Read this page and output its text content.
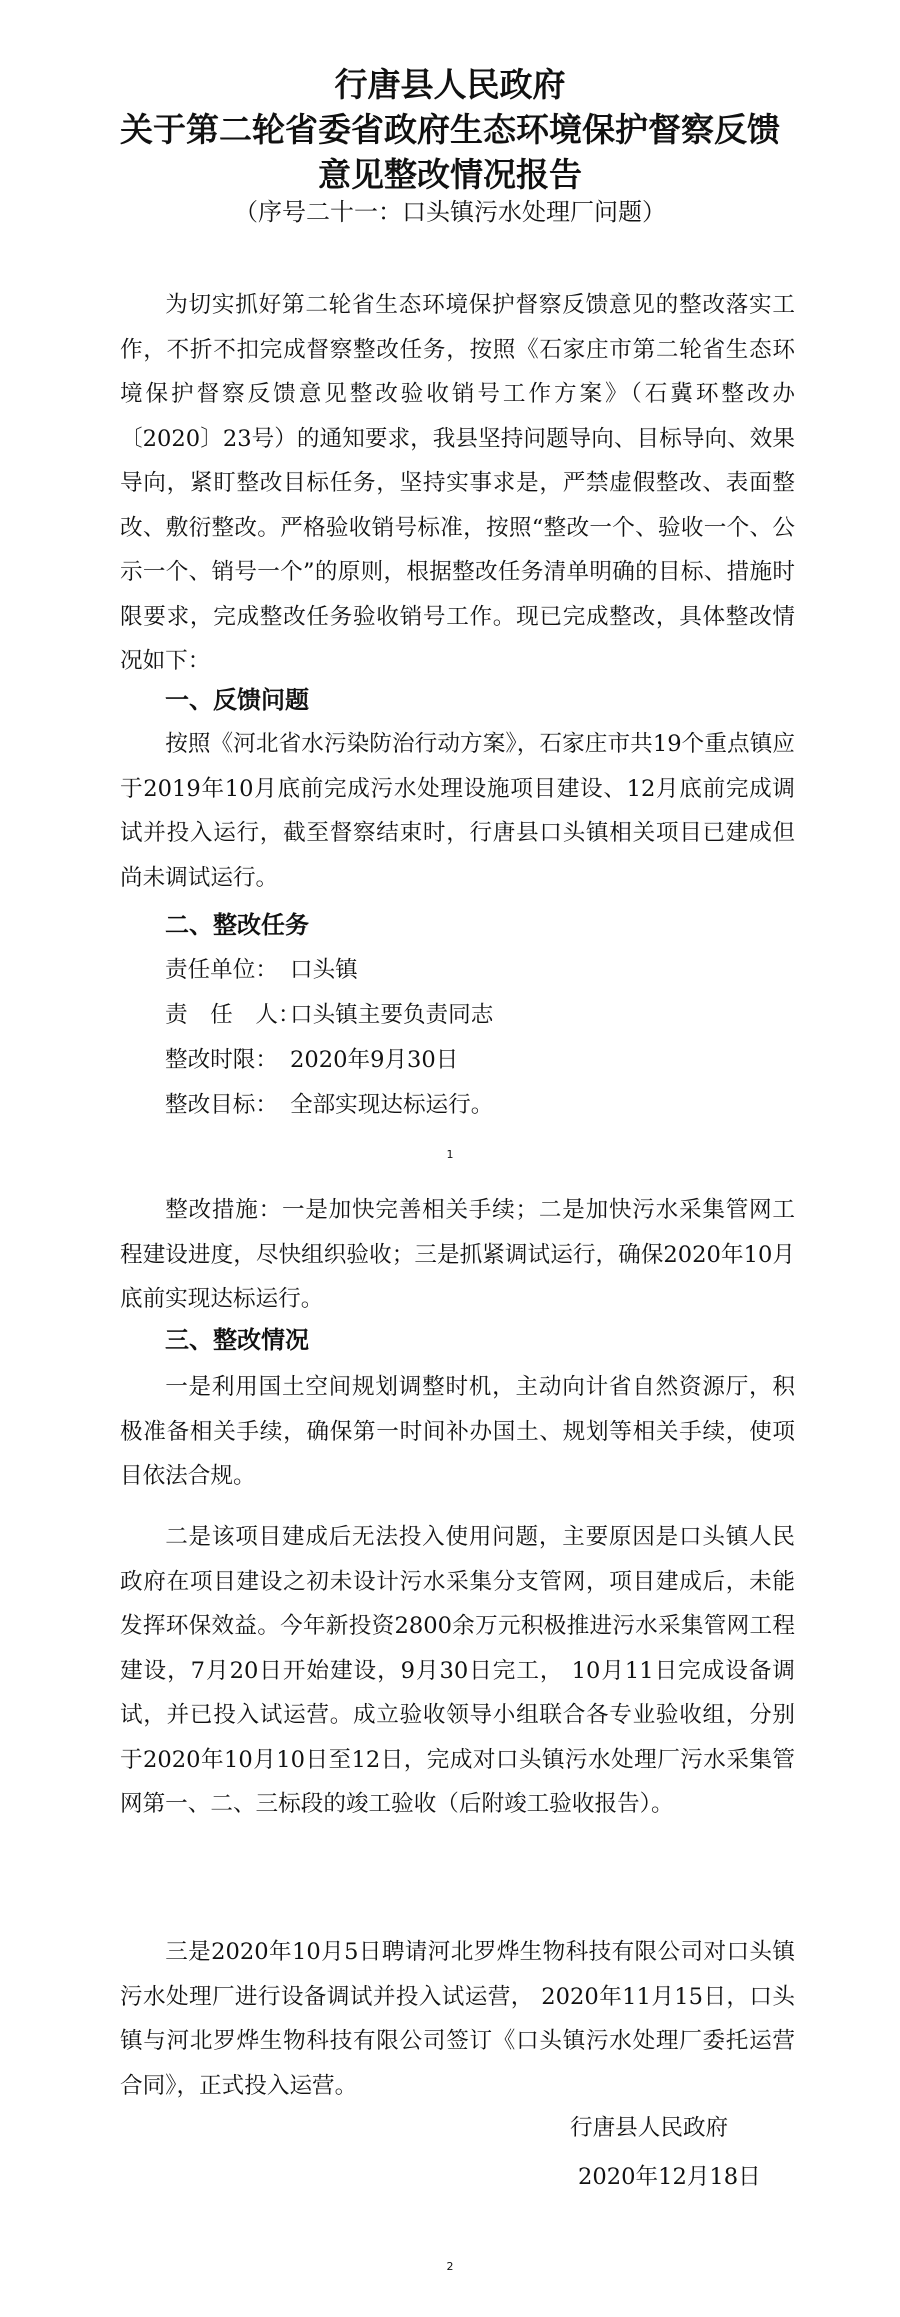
行唐县人民政府

关于第二轮省委省政府生态环境保护督察反馈

意见整改情况报告

（序号二十一：口头镇污水处理厂问题）

为切实抓好第二轮省生态环境保护督察反馈意见的整改落实工作，不折不扣完成督察整改任务，按照《石家庄市第二轮省生态环境保护督察反馈意见整改验收销号工作方案》（石冀环整改办〔2020〕23号）的通知要求，我县坚持问题导向、目标导向、效果导向，紧盯整改目标任务，坚持实事求是，严禁虚假整改、表面整改、敷衍整改。严格验收销号标准，按照“整改一个、验收一个、公示一个、销号一个”的原则，根据整改任务清单明确的目标、措施时限要求，完成整改任务验收销号工作。现已完成整改，具体整改情况如下：

一、反馈问题

按照《河北省水污染防治行动方案》，石家庄市共19个重点镇应于2019年10月底前完成污水处理设施项目建设、12月底前完成调试并投入运行，截至督察结束时，行唐县口头镇相关项目已建成但尚未调试运行。

二、整改任务

责任单位： 口头镇
责　任　人：口头镇主要负责同志
整改时限： 2020年9月30日
整改目标： 全部实现达标运行。
1

整改措施：一是加快完善相关手续；二是加快污水采集管网工程建设进度，尽快组织验收；三是抓紧调试运行，确保2020年10月底前实现达标运行。

三、整改情况

一是利用国土空间规划调整时机，主动向计省自然资源厅，积极准备相关手续，确保第一时间补办国土、规划等相关手续，使项目依法合规。

二是该项目建成后无法投入使用问题，主要原因是口头镇人民政府在项目建设之初未设计污水采集分支管网，项目建成后，未能发挥环保效益。今年新投资2800余万元积极推进污水采集管网工程建设，7月20日开始建设，9月30日完工， 10月11日完成设备调试，并已投入试运营。成立验收领导小组联合各专业验收组，分别于2020年10月10日至12日，完成对口头镇污水处理厂污水采集管网第一、二、三标段的竣工验收（后附竣工验收报告）。

三是2020年10月5日聘请河北罗烨生物科技有限公司对口头镇污水处理厂进行设备调试并投入试运营， 2020年11月15日，口头镇与河北罗烨生物科技有限公司签订《口头镇污水处理厂委托运营合同》，正式投入运营。

行唐县人民政府
2020年12月18日
2
